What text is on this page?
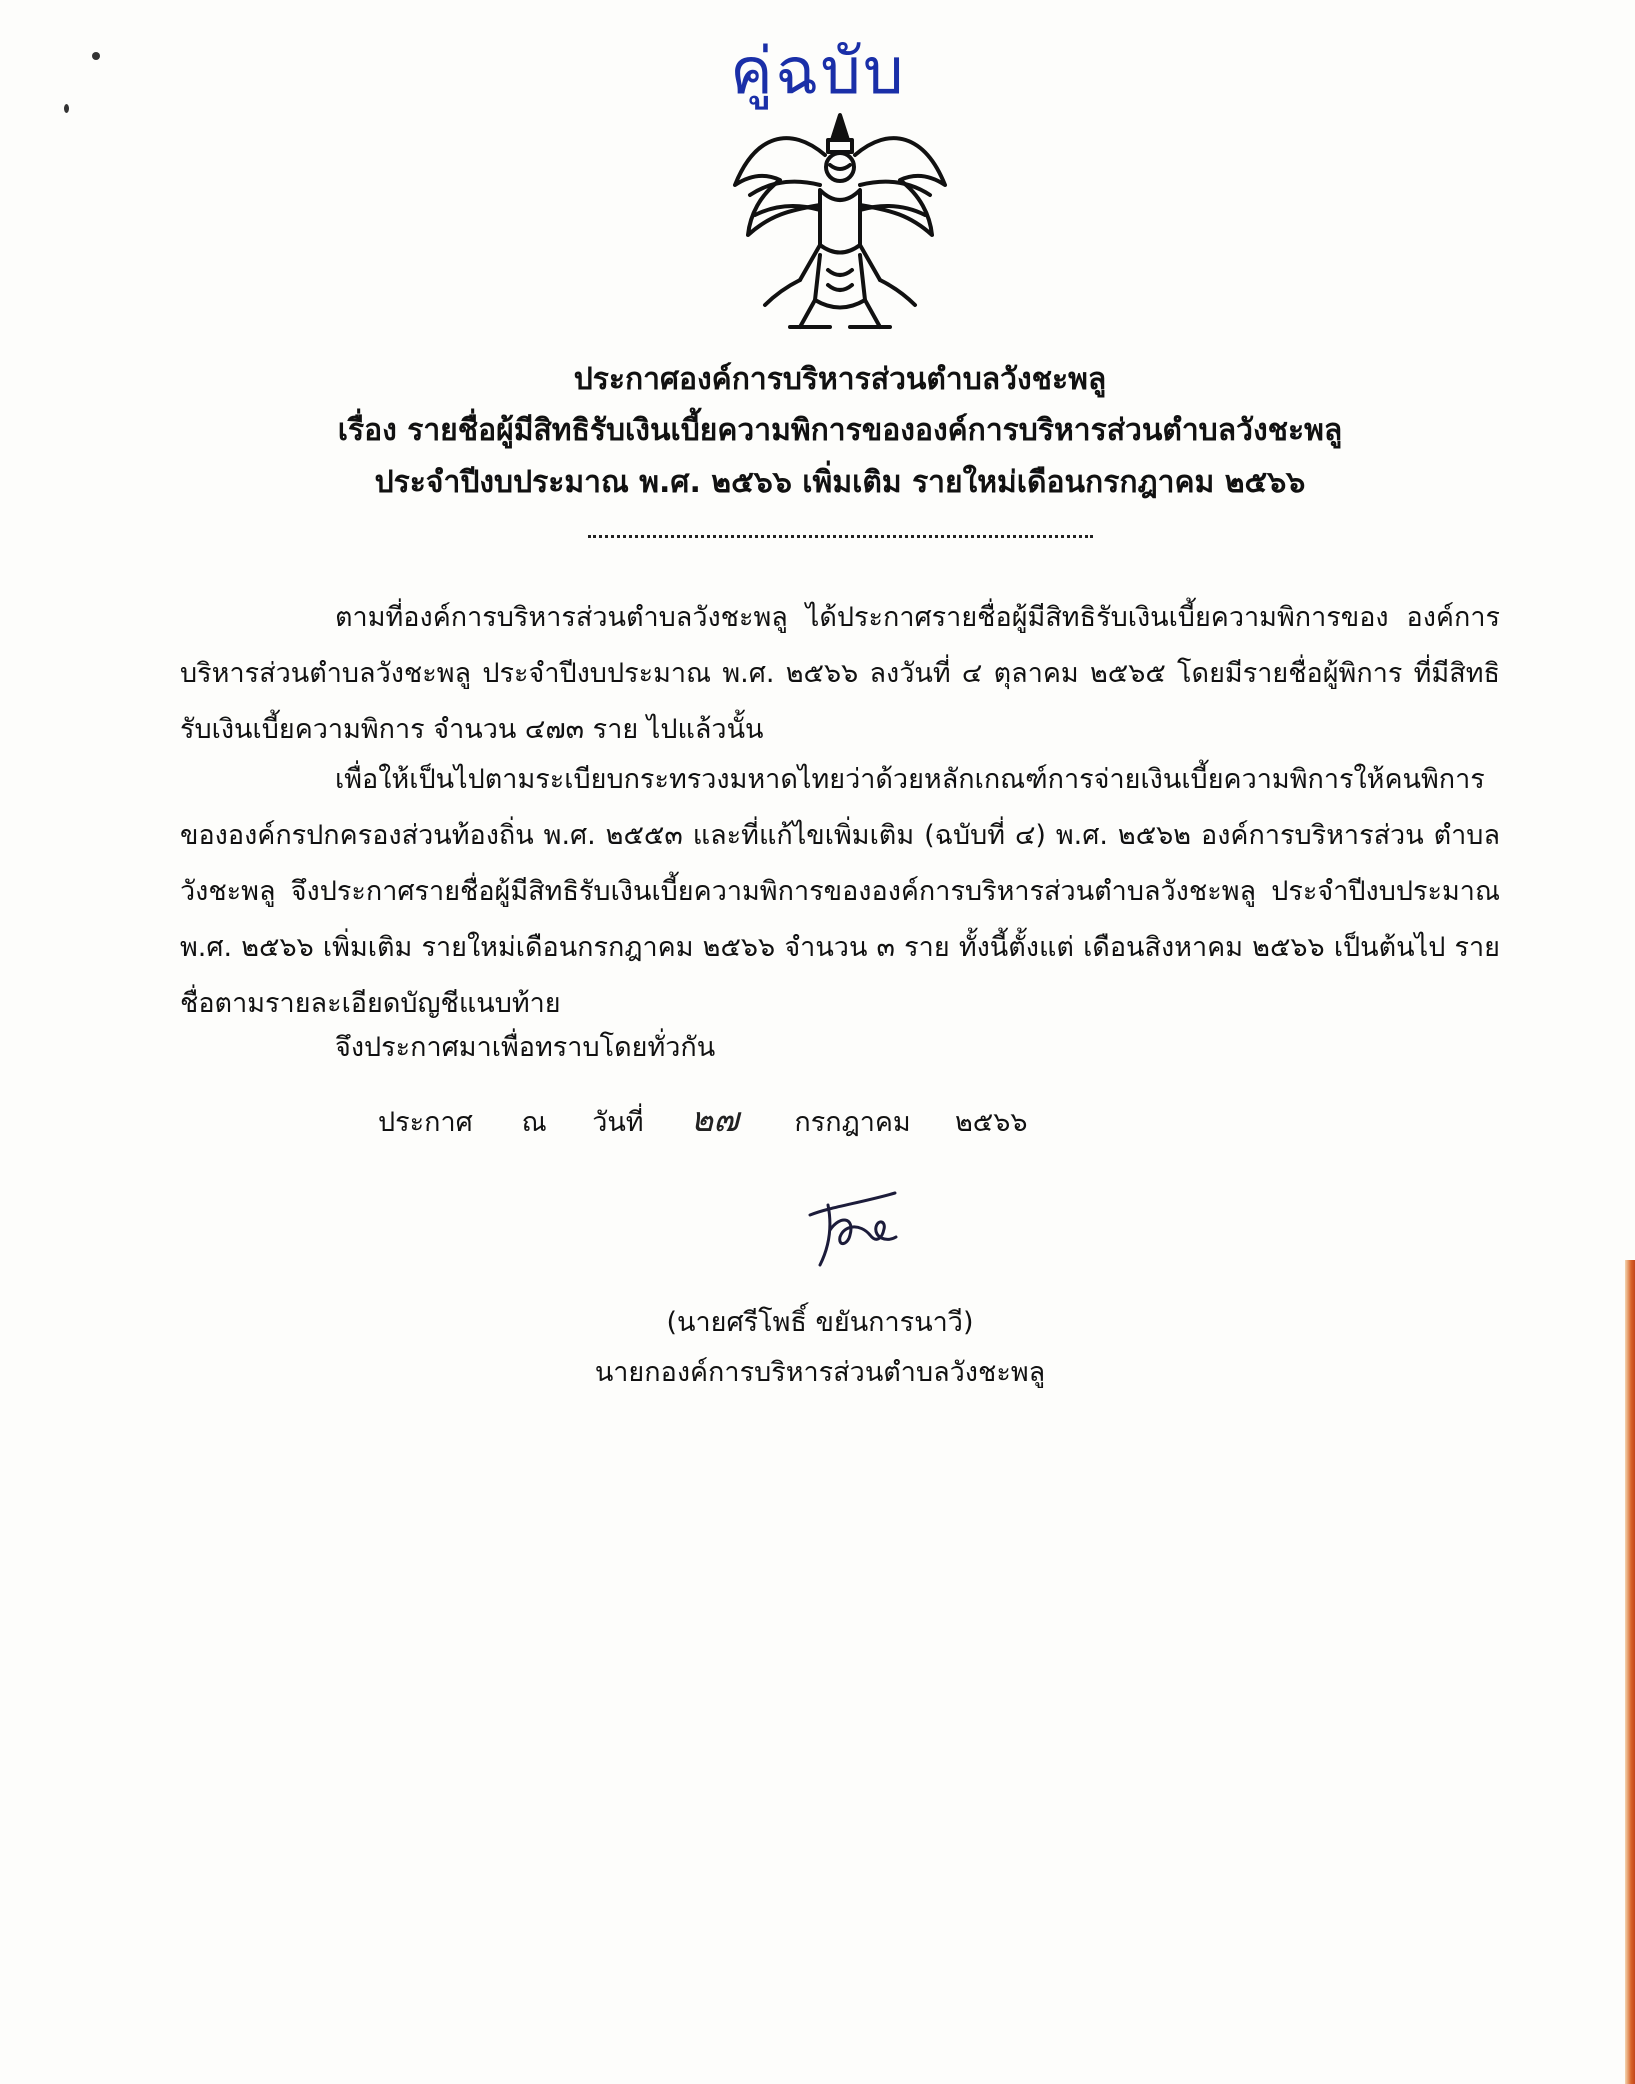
คู่ฉบับ
ประกาศองค์การบริหารส่วนตำบลวังชะพลู
เรื่อง รายชื่อผู้มีสิทธิรับเงินเบี้ยความพิการขององค์การบริหารส่วนตำบลวังชะพลู
ประจำปีงบประมาณ พ.ศ. ๒๕๖๖ เพิ่มเติม รายใหม่เดือนกรกฎาคม ๒๕๖๖

ตามที่องค์การบริหารส่วนตำบลวังชะพลู ได้ประกาศรายชื่อผู้มีสิทธิรับเงินเบี้ยความพิการของ องค์การบริหารส่วนตำบลวังชะพลู ประจำปีงบประมาณ พ.ศ. ๒๕๖๖ ลงวันที่ ๔ ตุลาคม ๒๕๖๕ โดยมีรายชื่อผู้พิการ ที่มีสิทธิรับเงินเบี้ยความพิการ จำนวน ๔๗๓ ราย ไปแล้วนั้น

เพื่อให้เป็นไปตามระเบียบกระทรวงมหาดไทยว่าด้วยหลักเกณฑ์การจ่ายเงินเบี้ยความพิการให้คนพิการ ขององค์กรปกครองส่วนท้องถิ่น พ.ศ. ๒๕๕๓ และที่แก้ไขเพิ่มเติม (ฉบับที่ ๔) พ.ศ. ๒๕๖๒ องค์การบริหารส่วน ตำบลวังชะพลู จึงประกาศรายชื่อผู้มีสิทธิรับเงินเบี้ยความพิการขององค์การบริหารส่วนตำบลวังชะพลู ประจำปีงบประมาณ พ.ศ. ๒๕๖๖ เพิ่มเติม รายใหม่เดือนกรกฎาคม ๒๕๖๖ จำนวน ๓ ราย ทั้งนี้ตั้งแต่ เดือนสิงหาคม ๒๕๖๖ เป็นต้นไป รายชื่อตามรายละเอียดบัญชีแนบท้าย

จึงประกาศมาเพื่อทราบโดยทั่วกัน
ประกาศ ณ วันที่ ๒๗ กรกฎาคม ๒๕๖๖
(นายศรีโพธิ์ ขยันการนาวี)
นายกองค์การบริหารส่วนตำบลวังชะพลู
